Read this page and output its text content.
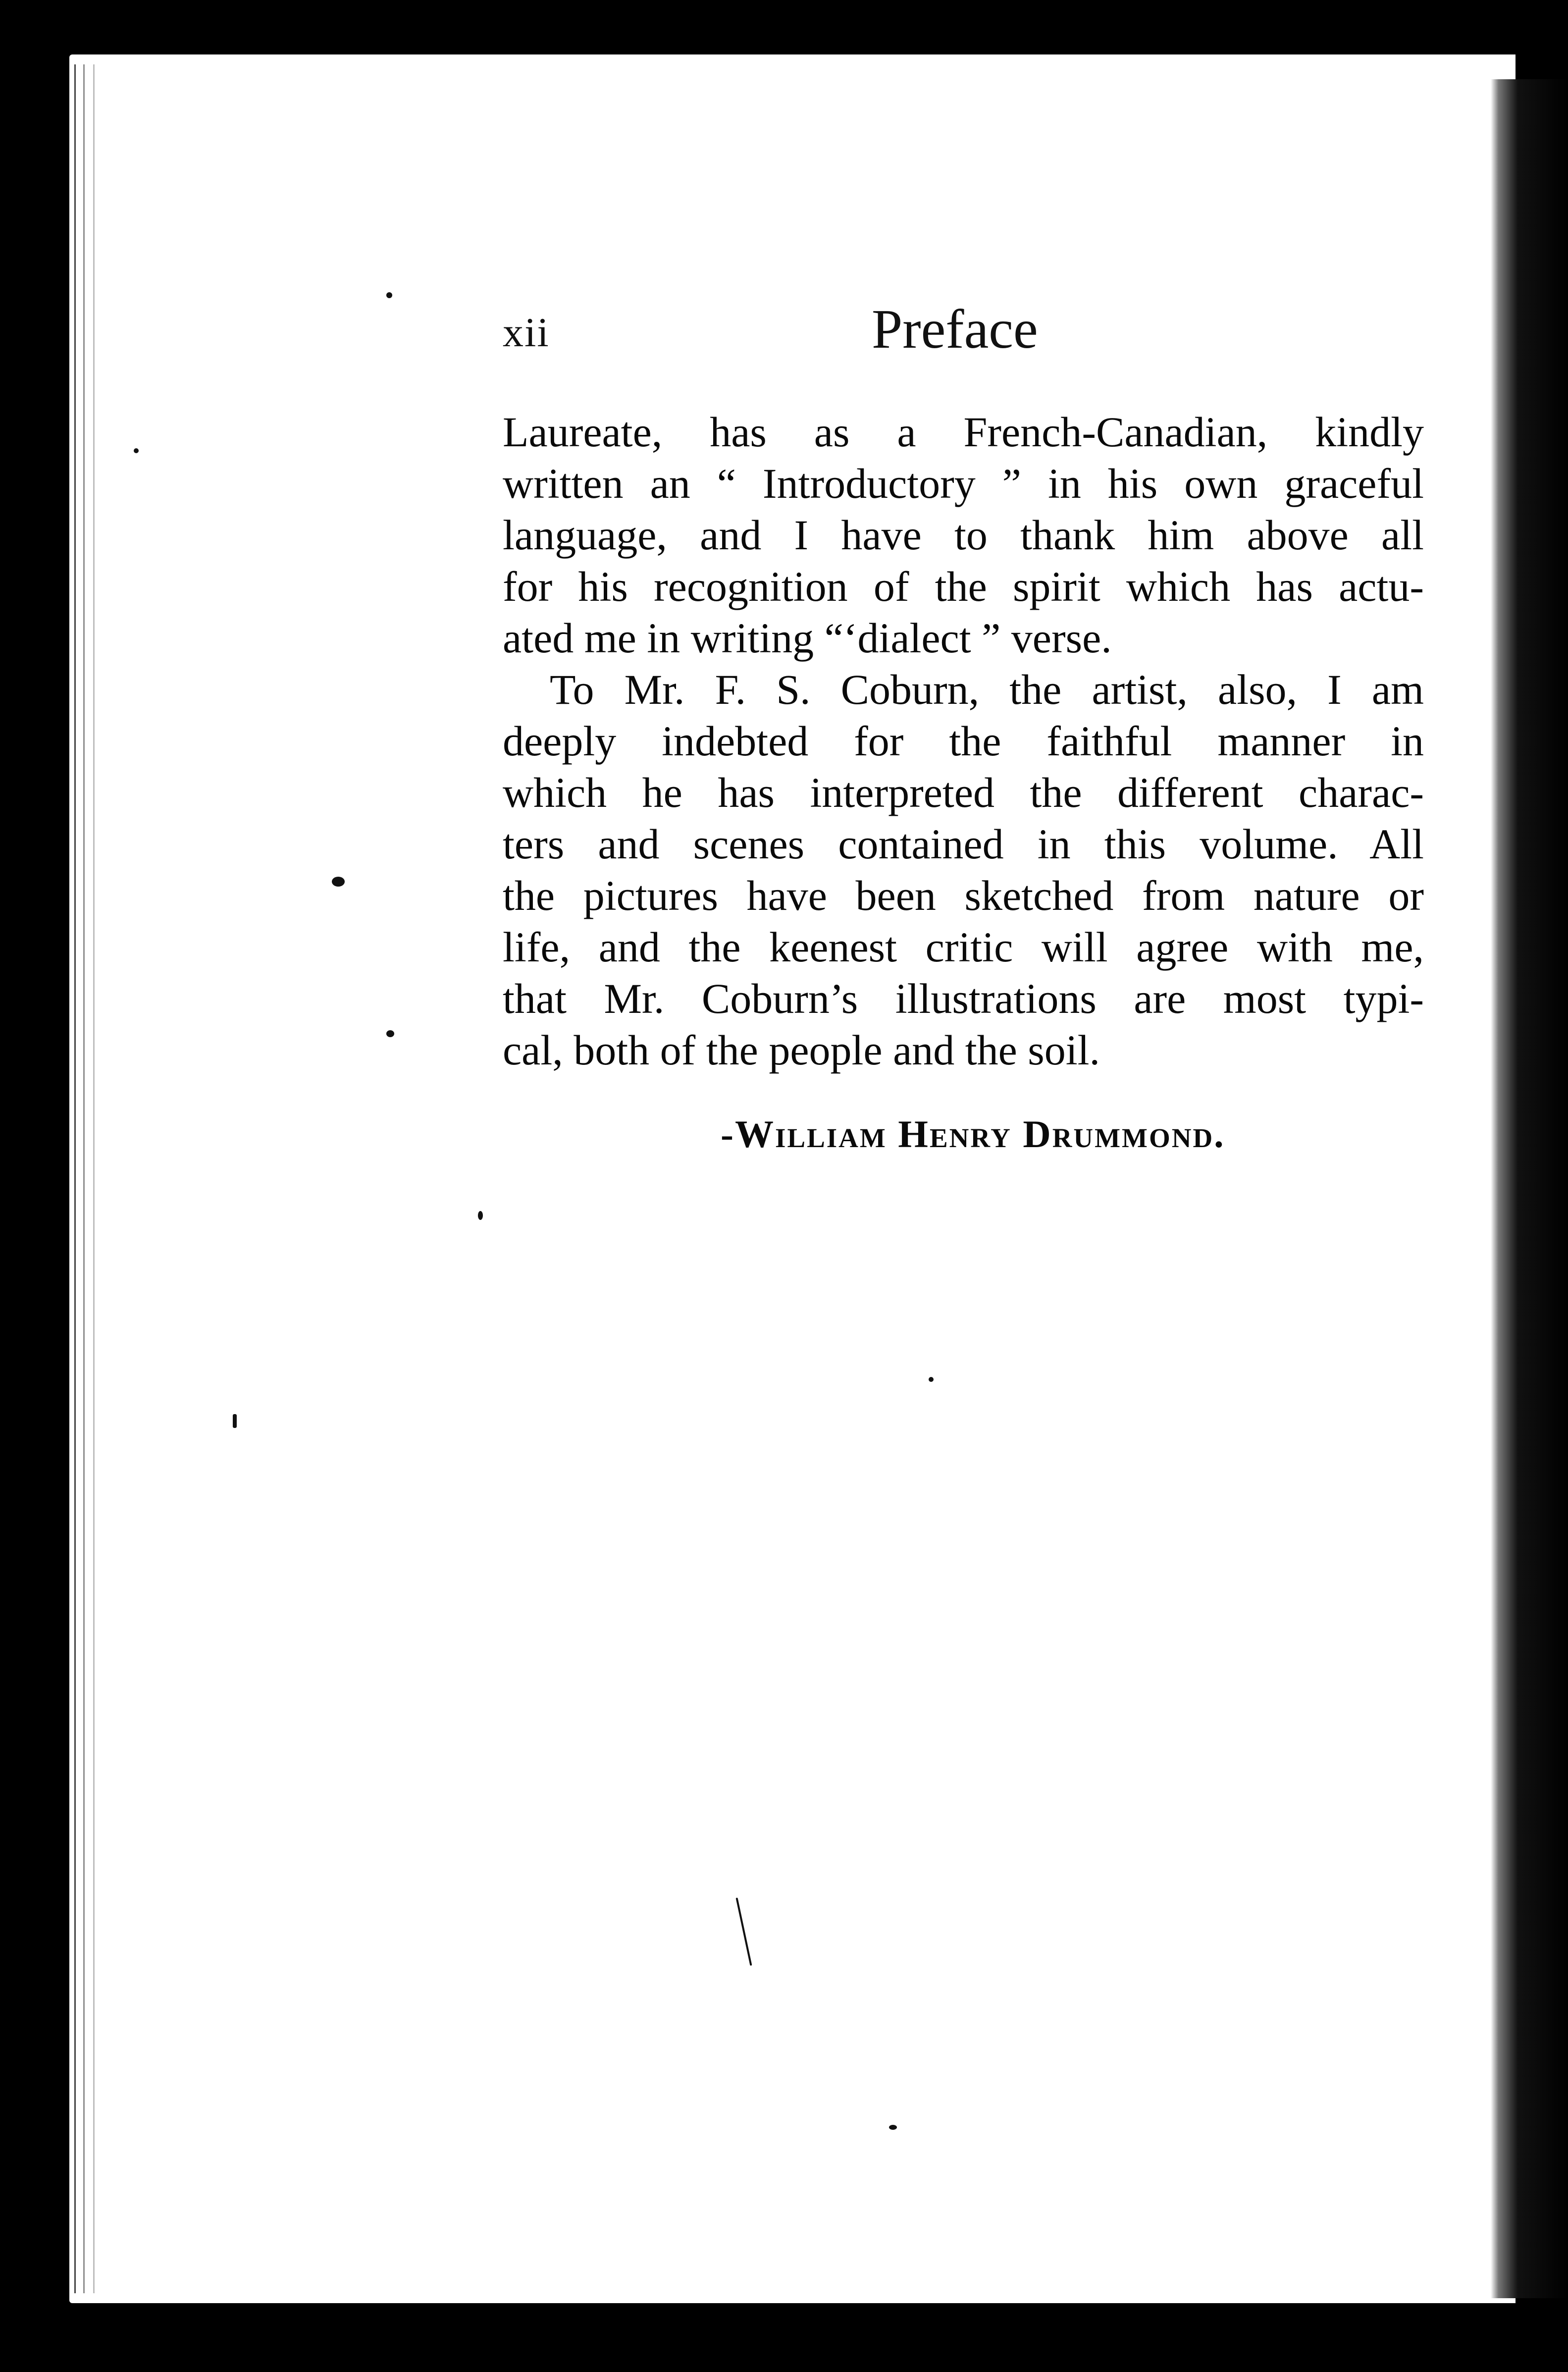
xii	Preface
Laureate, has as a French-Canadian, kindly
written an “ Introductory ” in his own graceful
language, and I have to thank him above all
for his recognition of the spirit which has actu-
ated me in writing “‘dialect ” verse.
To Mr. F. S. Coburn, the artist, also, I am
deeply indebted for the faithful manner in
which he has interpreted the different charac-
ters and scenes contained in this volume. All
the pictures have been sketched from nature or
life, and the keenest critic will agree with me,
that Mr. Coburn’s illustrations are most typi-
cal, both of the people and the soil.
-William Henry Drummond.
